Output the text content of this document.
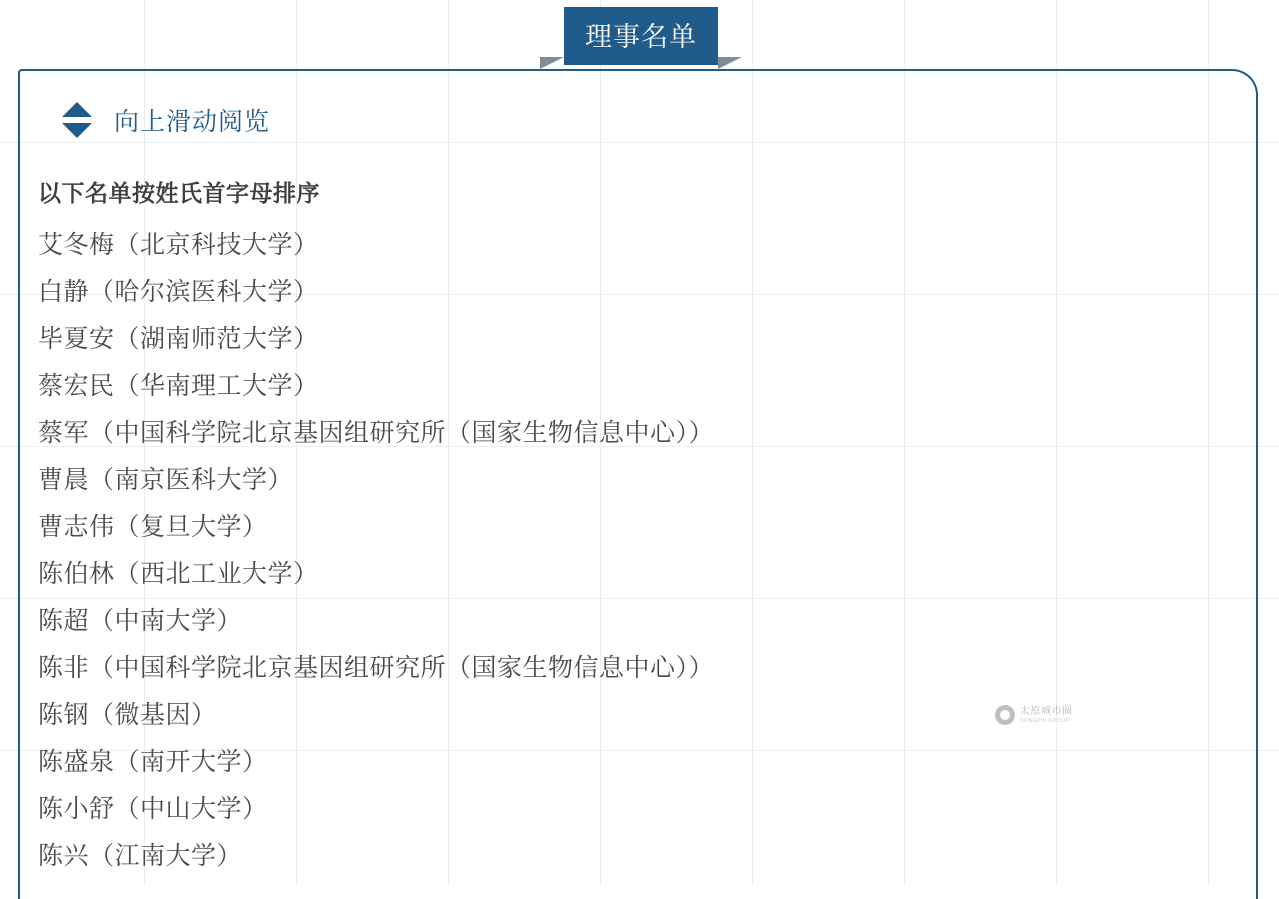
理事名单
向上滑动阅览
以下名单按姓氏首字母排序
艾冬梅（北京科技大学）
白静（哈尔滨医科大学）
毕夏安（湖南师范大学）
蔡宏民（华南理工大学）
蔡军（中国科学院北京基因组研究所（国家生物信息中心））
曹晨（南京医科大学）
曹志伟（复旦大学）
陈伯林（西北工业大学）
陈超（中南大学）
陈非（中国科学院北京基因组研究所（国家生物信息中心））
陈钢（微基因）
陈盛泉（南开大学）
陈小舒（中山大学）
陈兴（江南大学）
太原城市圈
DONGZHI GROUP
